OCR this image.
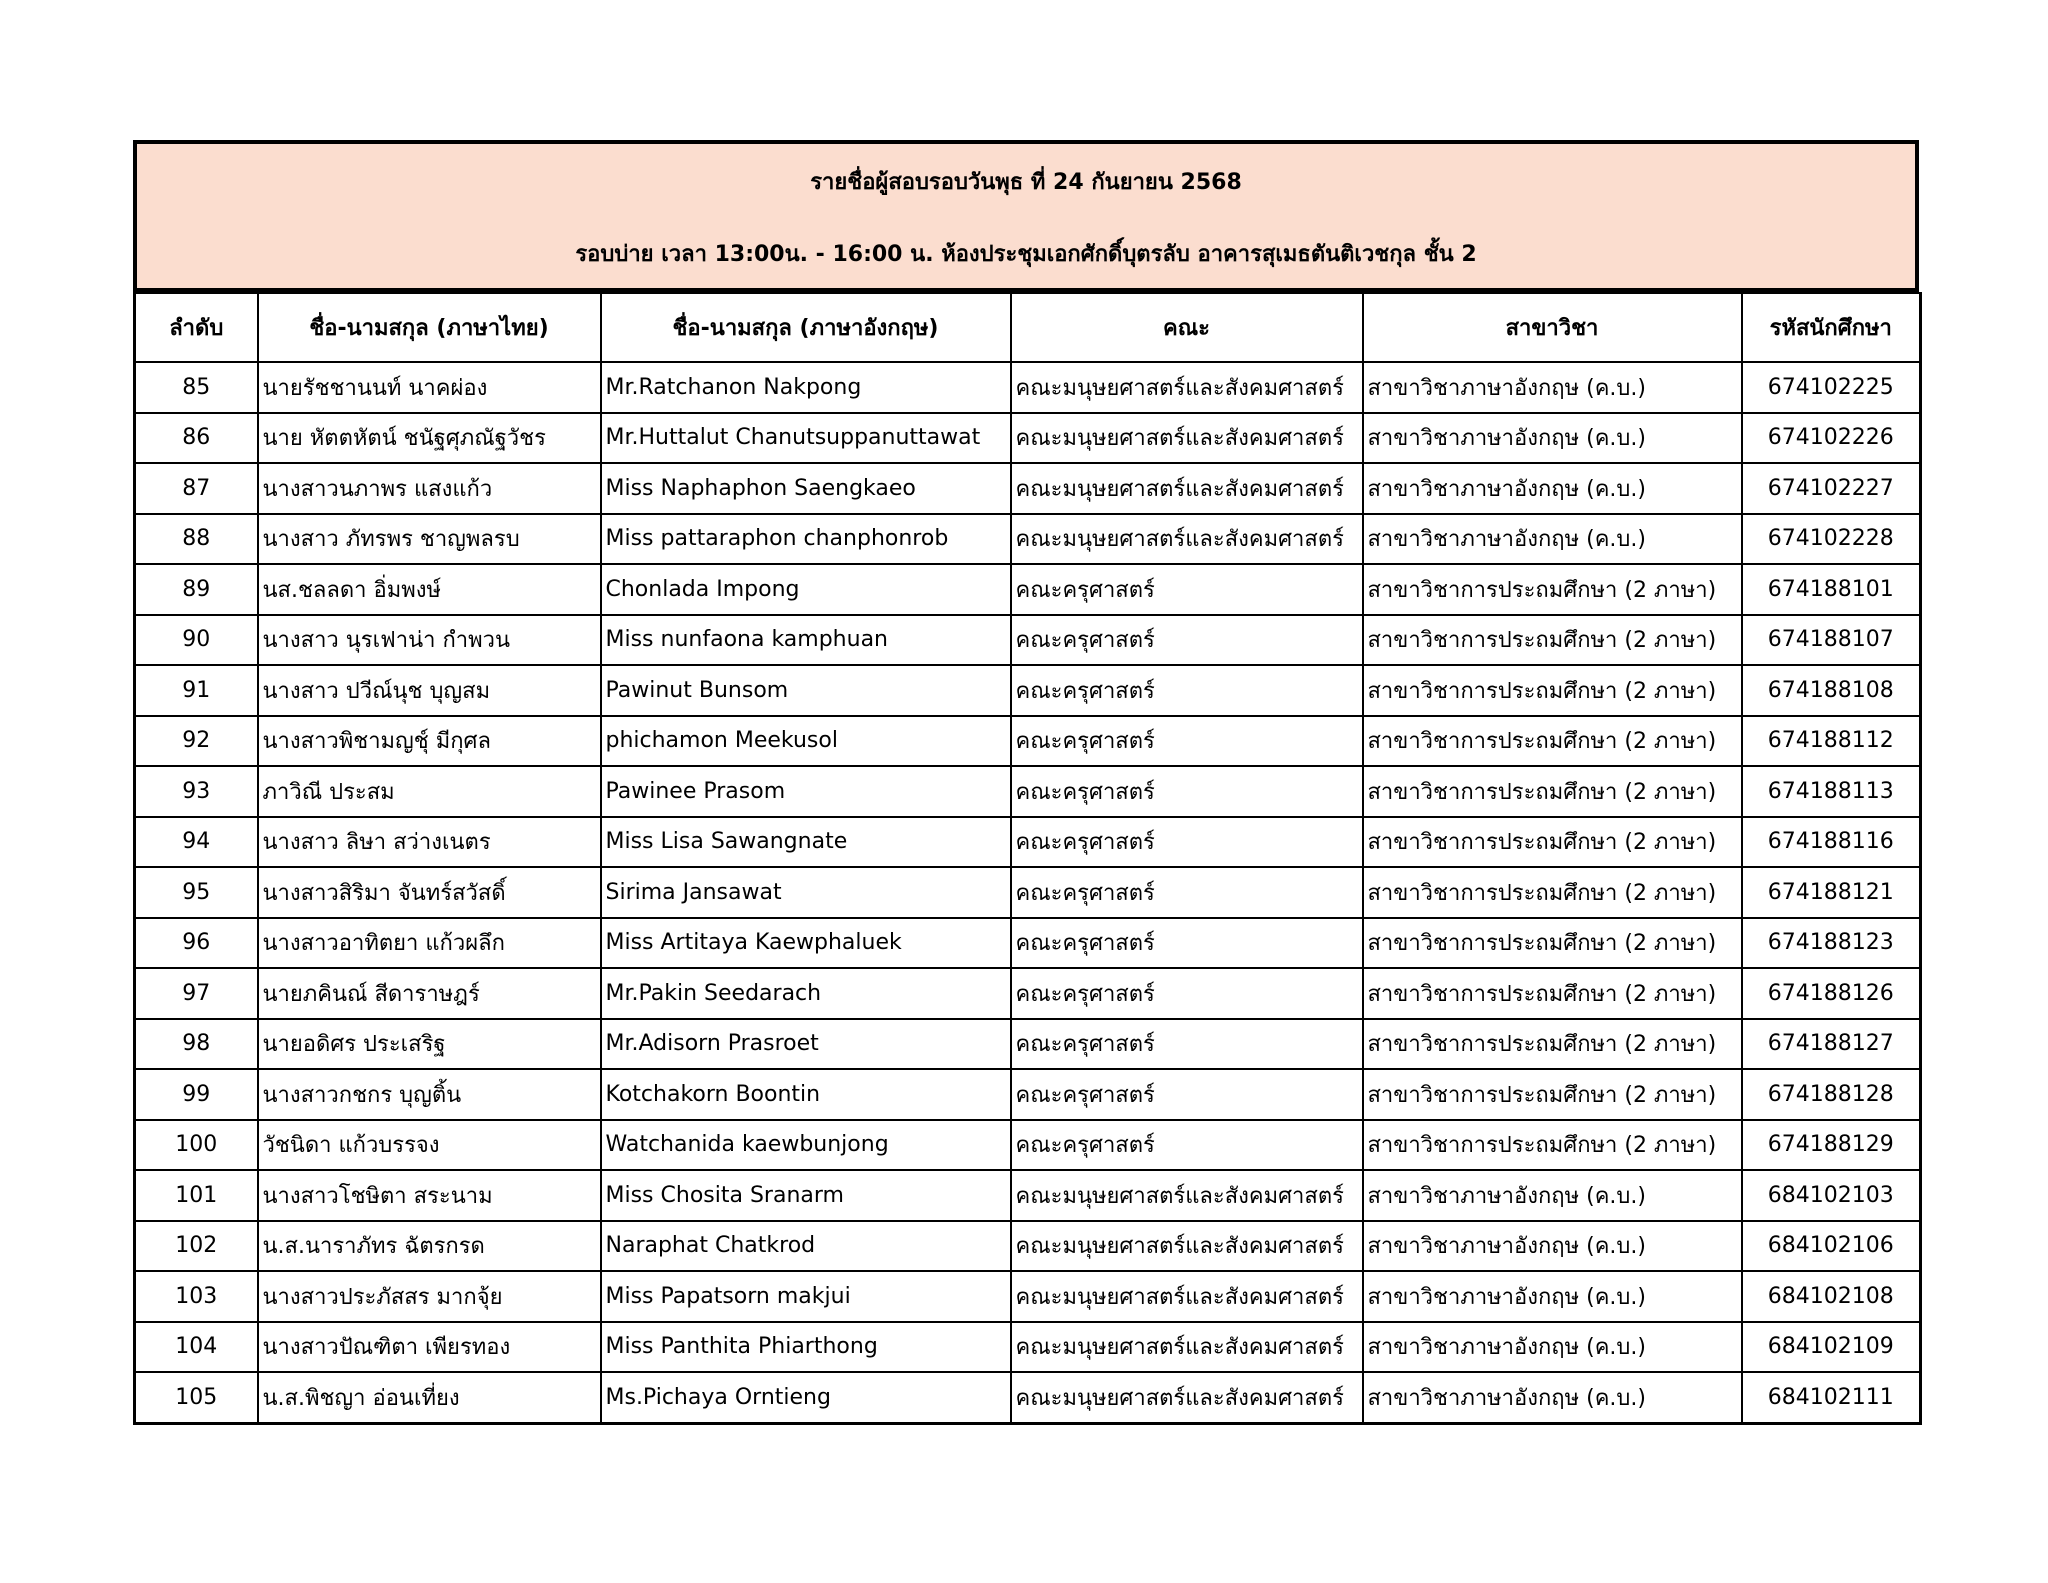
รายชื่อผู้สอบรอบวันพุธ ที่ 24 กันยายน 2568
รอบบ่าย เวลา 13:00น. - 16:00 น. ห้องประชุมเอกศักดิ์บุตรลับ อาคารสุเมธตันติเวชกุล ชั้น 2
ลำดับ	ชื่อ-นามสกุล (ภาษาไทย)	ชื่อ-นามสกุล (ภาษาอังกฤษ)	คณะ	สาขาวิชา	รหัสนักศึกษา
85	นายรัชชานนท์ นาคผ่อง	Mr.Ratchanon Nakpong	คณะมนุษยศาสตร์และสังคมศาสตร์	สาขาวิชาภาษาอังกฤษ (ค.บ.)	674102225
86	นาย หัตตหัตน์ ชนัฐศุภณัฐวัชร	Mr.Huttalut Chanutsuppanuttawat	คณะมนุษยศาสตร์และสังคมศาสตร์	สาขาวิชาภาษาอังกฤษ (ค.บ.)	674102226
87	นางสาวนภาพร แสงแก้ว	Miss Naphaphon Saengkaeo	คณะมนุษยศาสตร์และสังคมศาสตร์	สาขาวิชาภาษาอังกฤษ (ค.บ.)	674102227
88	นางสาว ภัทรพร ชาญพลรบ	Miss pattaraphon chanphonrob	คณะมนุษยศาสตร์และสังคมศาสตร์	สาขาวิชาภาษาอังกฤษ (ค.บ.)	674102228
89	นส.ชลลดา อิ่มพงษ์	Chonlada Impong	คณะครุศาสตร์	สาขาวิชาการประถมศึกษา (2 ภาษา)	674188101
90	นางสาว นุรเฟาน่า กำพวน	Miss nunfaona kamphuan	คณะครุศาสตร์	สาขาวิชาการประถมศึกษา (2 ภาษา)	674188107
91	นางสาว ปวีณ์นุช บุญสม	Pawinut Bunsom	คณะครุศาสตร์	สาขาวิชาการประถมศึกษา (2 ภาษา)	674188108
92	นางสาวพิชามญชุ์ มีกุศล	phichamon Meekusol	คณะครุศาสตร์	สาขาวิชาการประถมศึกษา (2 ภาษา)	674188112
93	ภาวิณี ประสม	Pawinee Prasom	คณะครุศาสตร์	สาขาวิชาการประถมศึกษา (2 ภาษา)	674188113
94	นางสาว ลิษา สว่างเนตร	Miss Lisa Sawangnate	คณะครุศาสตร์	สาขาวิชาการประถมศึกษา (2 ภาษา)	674188116
95	นางสาวสิริมา จันทร์สวัสดิ์	Sirima Jansawat	คณะครุศาสตร์	สาขาวิชาการประถมศึกษา (2 ภาษา)	674188121
96	นางสาวอาทิตยา แก้วผลึก	Miss Artitaya Kaewphaluek	คณะครุศาสตร์	สาขาวิชาการประถมศึกษา (2 ภาษา)	674188123
97	นายภคินณ์ สีดาราษฎร์	Mr.Pakin Seedarach	คณะครุศาสตร์	สาขาวิชาการประถมศึกษา (2 ภาษา)	674188126
98	นายอดิศร ประเสริฐ	Mr.Adisorn Prasroet	คณะครุศาสตร์	สาขาวิชาการประถมศึกษา (2 ภาษา)	674188127
99	นางสาวกชกร บุญติ้น	Kotchakorn Boontin	คณะครุศาสตร์	สาขาวิชาการประถมศึกษา (2 ภาษา)	674188128
100	วัชนิดา แก้วบรรจง	Watchanida kaewbunjong	คณะครุศาสตร์	สาขาวิชาการประถมศึกษา (2 ภาษา)	674188129
101	นางสาวโชษิตา สระนาม	Miss Chosita Sranarm	คณะมนุษยศาสตร์และสังคมศาสตร์	สาขาวิชาภาษาอังกฤษ (ค.บ.)	684102103
102	น.ส.นาราภัทร ฉัตรกรด	Naraphat Chatkrod	คณะมนุษยศาสตร์และสังคมศาสตร์	สาขาวิชาภาษาอังกฤษ (ค.บ.)	684102106
103	นางสาวประภัสสร มากจุ้ย	Miss Papatsorn makjui	คณะมนุษยศาสตร์และสังคมศาสตร์	สาขาวิชาภาษาอังกฤษ (ค.บ.)	684102108
104	นางสาวปัณฑิตา เพียรทอง	Miss Panthita Phiarthong	คณะมนุษยศาสตร์และสังคมศาสตร์	สาขาวิชาภาษาอังกฤษ (ค.บ.)	684102109
105	น.ส.พิชญา อ่อนเที่ยง	Ms.Pichaya Orntieng	คณะมนุษยศาสตร์และสังคมศาสตร์	สาขาวิชาภาษาอังกฤษ (ค.บ.)	684102111
